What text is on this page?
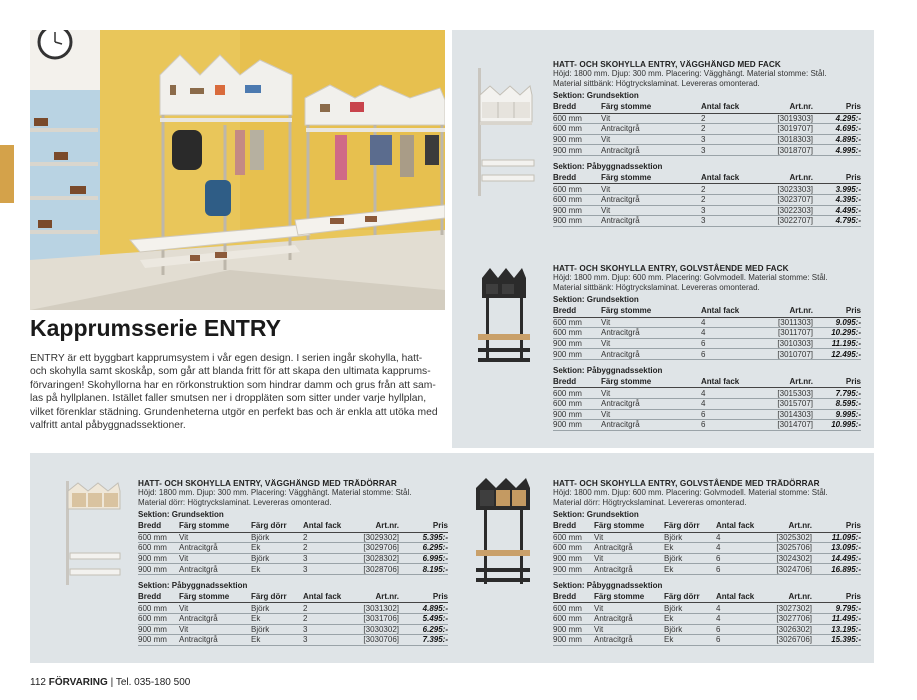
Kapprumsserie ENTRY
ENTRY är ett byggbart kapprumsystem i vår egen design. I serien ingår skohylla, hatt-
och skohylla samt skoskåp, som går att blanda fritt för att skapa den ultimata kapprums-
förvaringen! Skohyllorna har en rörkonstruktion som hindrar damm och grus från att sam-
las på hyllplanen. Istället faller smutsen ner i droppläten som sitter under varje hyllplan,
vilket förenklar städning. Grundenheterna utgör en perfekt bas och är enkla att utöka med
valfritt antal påbyggnadssektioner.
HATT- OCH SKOHYLLA ENTRY, VÄGGHÄNGD MED FACK
Höjd: 1800 mm. Djup: 300 mm. Placering: Vägghängt. Material stomme: Stål.
Material sittbänk: Högtryckslaminat. Levereras omonterad.
Sektion: Grundsektion
Bredd	Färg stomme	Antal fack	Art.nr.	Pris
600 mm	Vit	2	[3019303]	4.295:-
600 mm	Antracitgrå	2	[3019707]	4.695:-
900 mm	Vit	3	[3018303]	4.895:-
900 mm	Antracitgrå	3	[3018707]	4.995:-
Sektion: Påbyggnadssektion
Bredd	Färg stomme	Antal fack	Art.nr.	Pris
600 mm	Vit	2	[3023303]	3.995:-
600 mm	Antracitgrå	2	[3023707]	4.395:-
900 mm	Vit	3	[3022303]	4.495:-
900 mm	Antracitgrå	3	[3022707]	4.795:-
HATT- OCH SKOHYLLA ENTRY, GOLVSTÅENDE MED FACK
Höjd: 1800 mm. Djup: 600 mm. Placering: Golvmodell. Material stomme: Stål.
Material sittbänk: Högtryckslaminat. Levereras omonterad.
Sektion: Grundsektion
Bredd	Färg stomme	Antal fack	Art.nr.	Pris
600 mm	Vit	4	[3011303]	9.095:-
600 mm	Antracitgrå	4	[3011707]	10.295:-
900 mm	Vit	6	[3010303]	11.195:-
900 mm	Antracitgrå	6	[3010707]	12.495:-
Sektion: Påbyggnadssektion
Bredd	Färg stomme	Antal fack	Art.nr.	Pris
600 mm	Vit	4	[3015303]	7.795:-
600 mm	Antracitgrå	4	[3015707]	8.595:-
900 mm	Vit	6	[3014303]	9.995:-
900 mm	Antracitgrå	6	[3014707]	10.995:-
HATT- OCH SKOHYLLA ENTRY, VÄGGHÄNGD MED TRÄDÖRRAR
Höjd: 1800 mm. Djup: 300 mm. Placering: Vägghängt. Material stomme: Stål.
Material dörr: Högtryckslaminat. Levereras omonterad.
Sektion: Grundsektion
Bredd	Färg stomme	Färg dörr	Antal fack	Art.nr.	Pris
600 mm	Vit	Björk	2	[3029302]	5.395:-
600 mm	Antracitgrå	Ek	2	[3029706]	6.295:-
900 mm	Vit	Björk	3	[3028302]	6.995:-
900 mm	Antracitgrå	Ek	3	[3028706]	8.195:-
Sektion: Påbyggnadssektion
Bredd	Färg stomme	Färg dörr	Antal fack	Art.nr.	Pris
600 mm	Vit	Björk	2	[3031302]	4.895:-
600 mm	Antracitgrå	Ek	2	[3031706]	5.495:-
900 mm	Vit	Björk	3	[3030302]	6.295:-
900 mm	Antracitgrå	Ek	3	[3030706]	7.395:-
HATT- OCH SKOHYLLA ENTRY, GOLVSTÅENDE MED TRÄDÖRRAR
Höjd: 1800 mm. Djup: 600 mm. Placering: Golvmodell. Material stomme: Stål.
Material dörr: Högtryckslaminat. Levereras omonterad.
Sektion: Grundsektion
Bredd	Färg stomme	Färg dörr	Antal fack	Art.nr.	Pris
600 mm	Vit	Björk	4	[3025302]	11.095:-
600 mm	Antracitgrå	Ek	4	[3025706]	13.095:-
900 mm	Vit	Björk	6	[3024302]	14.495:-
900 mm	Antracitgrå	Ek	6	[3024706]	16.895:-
Sektion: Påbyggnadssektion
Bredd	Färg stomme	Färg dörr	Antal fack	Art.nr.	Pris
600 mm	Vit	Björk	4	[3027302]	9.795:-
600 mm	Antracitgrå	Ek	4	[3027706]	11.495:-
900 mm	Vit	Björk	6	[3026302]	13.195:-
900 mm	Antracitgrå	Ek	6	[3026706]	15.395:-
112 FÖRVARING | Tel. 035-180 500
